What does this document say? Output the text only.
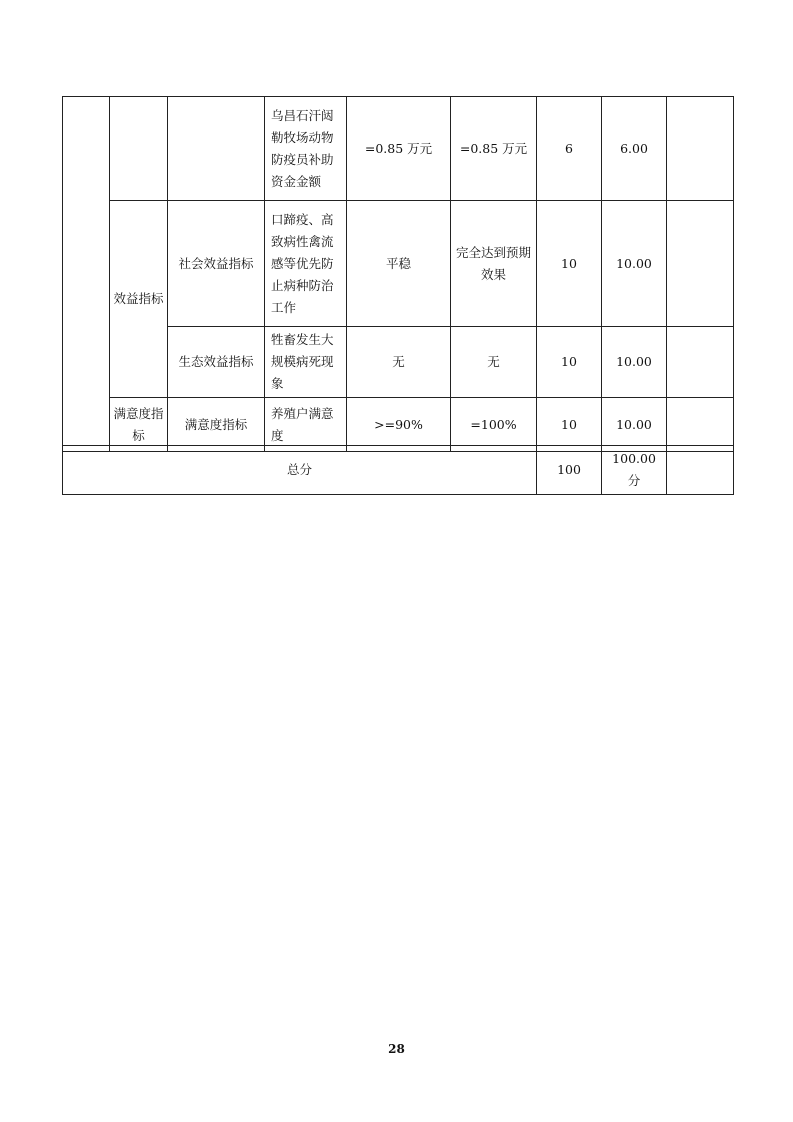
			乌昌石汗闼勒牧场动物防疫员补助资金金额	=0.85 万元	=0.85 万元	6	6.00	
	效益指标	社会效益指标	口蹄疫、高致病性禽流感等优先防止病种防治工作	平稳	完全达到预期效果	10	10.00	
		生态效益指标	牲畜发生大规模病死现象	无	无	10	10.00	
	满意度指标	满意度指标	养殖户满意度	>=90%	=100%	10	10.00	
总分	100	100.00 分	
28
